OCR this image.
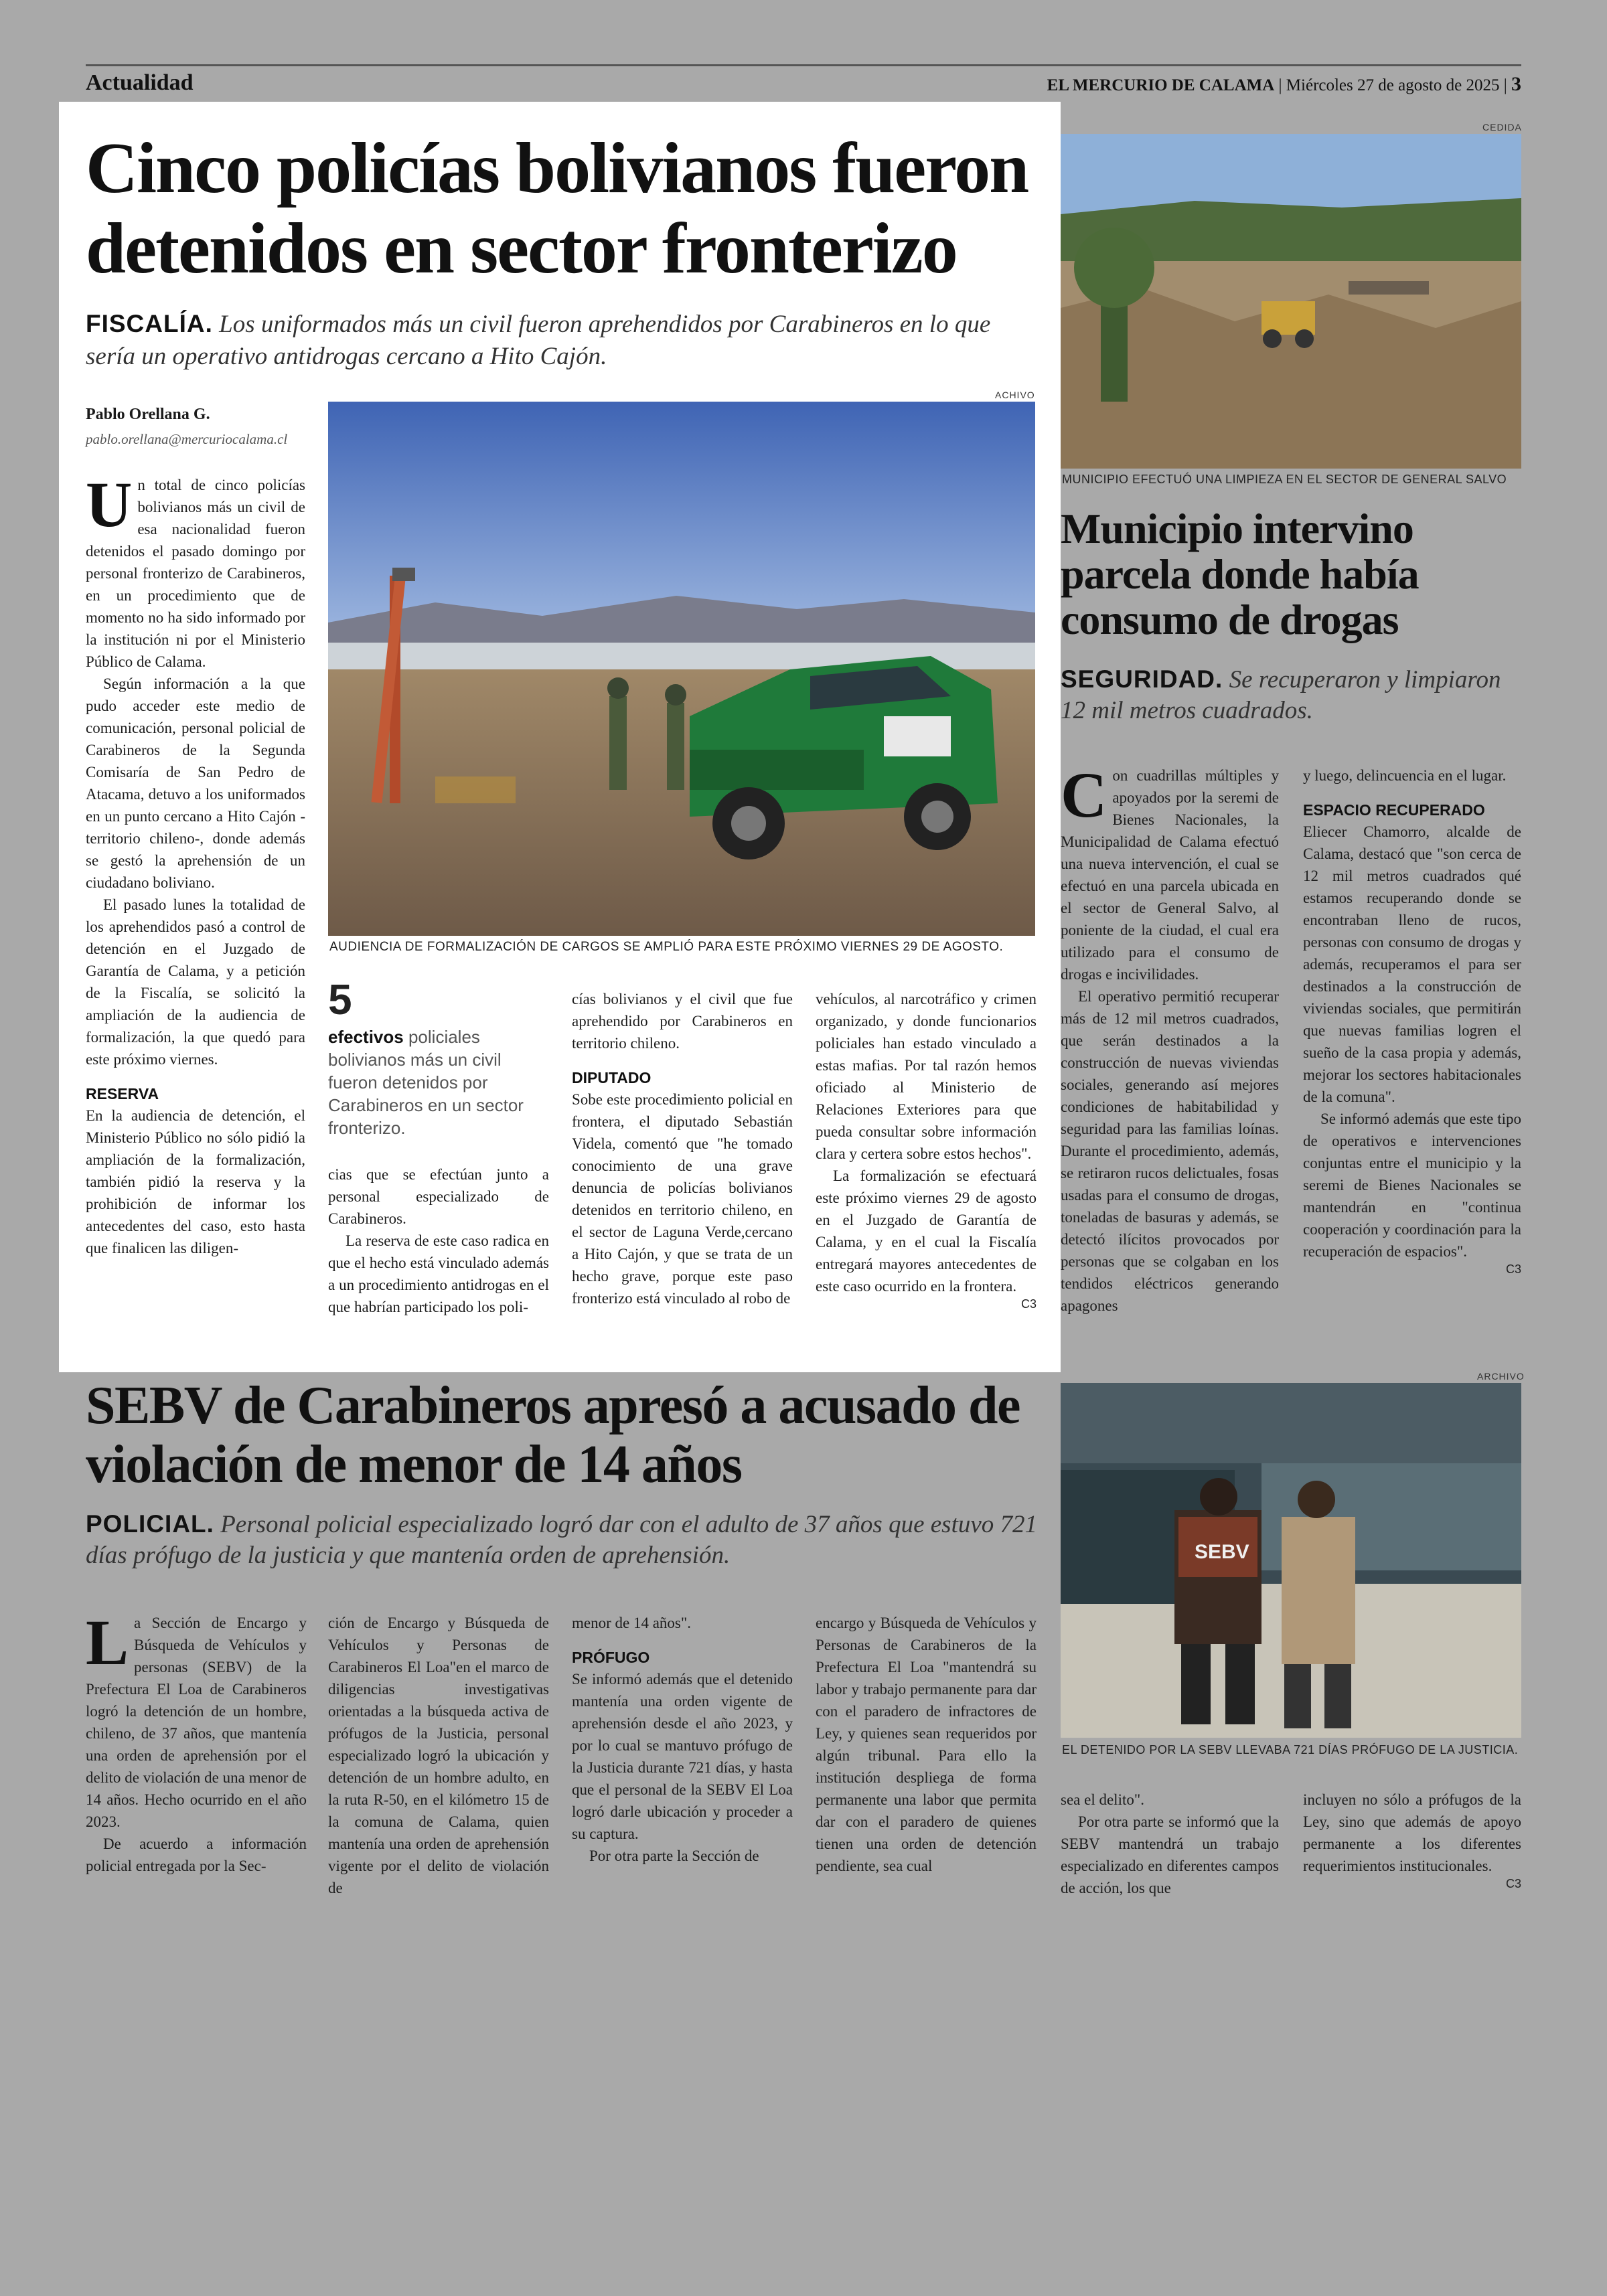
Actualidad	EL MERCURIO DE CALAMA | Miércoles 27 de agosto de 2025 | 3
Cinco policías bolivianos fueron
detenidos en sector fronterizo
FISCALÍA. Los uniformados más un civil fueron aprehendidos por Carabineros en lo que sería un operativo antidrogas cercano a Hito Cajón.
Pablo Orellana G.
pablo.orellana@mercuriocalama.cl
ACHIVO
AUDIENCIA DE FORMALIZACIÓN DE CARGOS SE AMPLIÓ PARA ESTE PRÓXIMO VIERNES 29 DE AGOSTO.
U n total de cinco policías bolivianos más un civil de esa nacionalidad fueron detenidos el pasado domingo por personal fronterizo de Carabineros, en un procedimiento que de momento no ha sido informado por la institución ni por el Ministerio Público de Calama.

Según información a la que pudo acceder este medio de comunicación, personal policial de Carabineros de la Segunda Comisaría de San Pedro de Atacama, detuvo a los uniformados en un punto cercano a Hito Cajón -territorio chileno-, donde además se gestó la aprehensión de un ciudadano boliviano.

El pasado lunes la totalidad de los aprehendidos pasó a control de detención en el Juzgado de Garantía de Calama, y a petición de la Fiscalía, se solicitó la ampliación de la audiencia de formalización, la que quedó para este próximo viernes.

RESERVA

En la audiencia de detención, el Ministerio Público no sólo pidió la ampliación de la formalización, también pidió la reserva y la prohibición de informar los antecedentes del caso, esto hasta que finalicen las diligen-

5
efectivos policiales bolivianos más un civil fueron detenidos por Carabineros en un sector fronterizo.

cias que se efectúan junto a personal especializado de Carabineros.

La reserva de este caso radica en que el hecho está vinculado además a un procedimiento antidrogas en el que habrían participado los poli-

cías bolivianos y el civil que fue aprehendido por Carabineros en territorio chileno.

DIPUTADO

Sobe este procedimiento policial en frontera, el diputado Sebastián Videla, comentó que "he tomado conocimiento de una grave denuncia de policías bolivianos detenidos en territorio chileno, en el sector de Laguna Verde,cercano a Hito Cajón, y que se trata de un hecho grave, porque este paso fronterizo está vinculado al robo de

vehículos, al narcotráfico y crimen organizado, y donde funcionarios policiales han estado vinculado a estas mafias. Por tal razón hemos oficiado al Ministerio de Relaciones Exteriores para que pueda consultar sobre información clara y certera sobre estos hechos".

La formalización se efectuará este próximo viernes 29 de agosto en el Juzgado de Garantía de Calama, y en el cual la Fiscalía entregará mayores antecedentes de este caso ocurrido en la frontera.

C3
CEDIDA
MUNICIPIO EFECTUÓ UNA LIMPIEZA EN EL SECTOR DE GENERAL SALVO
Municipio intervino parcela donde había consumo de drogas
SEGURIDAD. Se recuperaron y limpiaron 12 mil metros cuadrados.
C on cuadrillas múltiples y apoyados por la seremi de Bienes Nacionales, la Municipalidad de Calama efectuó una nueva intervención, el cual se efectuó en una parcela ubicada en el sector de General Salvo, al poniente de la ciudad, el cual era utilizado para el consumo de drogas e incivilidades.

El operativo permitió recuperar más de 12 mil metros cuadrados, que serán destinados a la construcción de nuevas viviendas sociales, generando así mejores condiciones de habitabilidad y seguridad para las familias loínas. Durante el procedimiento, además, se retiraron rucos delictuales, fosas usadas para el consumo de drogas, toneladas de basuras y además, se detectó ilícitos provocados por personas que se colgaban en los tendidos eléctricos generando apagones

y luego, delincuencia en el lugar.

ESPACIO RECUPERADO

Eliecer Chamorro, alcalde de Calama, destacó que "son cerca de 12 mil metros cuadrados qué estamos recuperando donde se encontraban lleno de rucos, personas con consumo de drogas y además, recuperamos el para ser destinados a la construcción de viviendas sociales, que permitirán que nuevas familias logren el sueño de la casa propia y además, mejorar los sectores habitacionales de la comuna".

Se informó además que este tipo de operativos e intervenciones conjuntas entre el municipio y la seremi de Bienes Nacionales se mantendrán en "continua cooperación y coordinación para la recuperación de espacios".

C3
SEBV de Carabineros apresó a acusado de
violación de menor de 14 años
POLICIAL. Personal policial especializado logró dar con el adulto de 37 años que estuvo 721 días prófugo de la justicia y que mantenía orden de aprehensión.
ARCHIVO
SEBV
EL DETENIDO POR LA SEBV LLEVABA 721 DÍAS PRÓFUGO DE LA JUSTICIA.
L a Sección de Encargo y Búsqueda de Vehículos y personas (SEBV) de la Prefectura El Loa de Carabineros logró la detención de un hombre, chileno, de 37 años, que mantenía una orden de aprehensión por el delito de violación de una menor de 14 años. Hecho ocurrido en el año 2023.

De acuerdo a información policial entregada por la Sec-

ción de Encargo y Búsqueda de Vehículos y Personas de Carabineros El Loa"en el marco de diligencias investigativas orientadas a la búsqueda activa de prófugos de la Justicia, personal especializado logró la ubicación y detención de un hombre adulto, en la ruta R-50, en el kilómetro 15 de la comuna de Calama, quien mantenía una orden de aprehensión vigente por el delito de violación de

menor de 14 años".

PRÓFUGO

Se informó además que el detenido mantenía una orden vigente de aprehensión desde el año 2023, y por lo cual se mantuvo prófugo de la Justicia durante 721 días, y hasta que el personal de la SEBV El Loa logró darle ubicación y proceder a su captura.

Por otra parte la Sección de

encargo y Búsqueda de Vehículos y Personas de Carabineros de la Prefectura El Loa "mantendrá su labor y trabajo permanente para dar con el paradero de infractores de Ley, y quienes sean requeridos por algún tribunal. Para ello la institución despliega de forma permanente una labor que permita dar con el paradero de quienes tienen una orden de detención pendiente, sea cual

sea el delito".

Por otra parte se informó que la SEBV mantendrá un trabajo especializado en diferentes campos de acción, los que

incluyen no sólo a prófugos de la Ley, sino que además de apoyo permanente a los diferentes requerimientos institucionales.

C3
